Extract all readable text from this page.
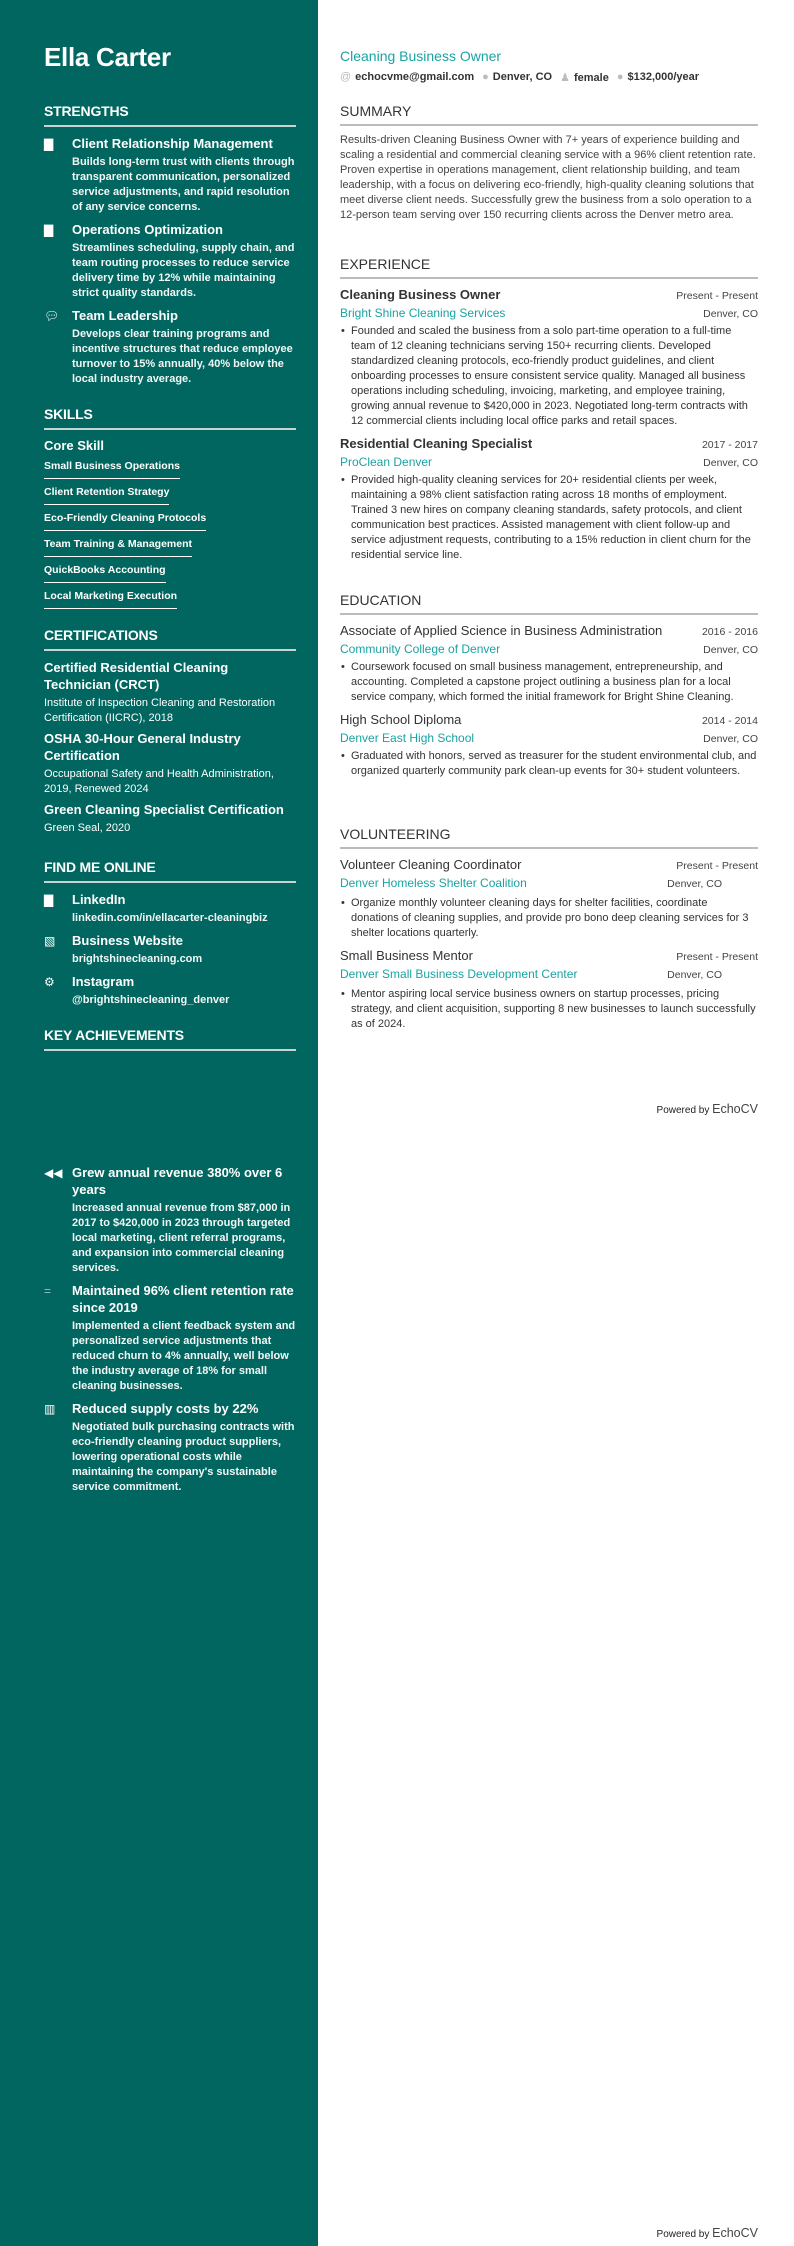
Ella Carter
STRENGTHS
▇	Client Relationship Management
Builds long-term trust with clients through transparent communication, personalized service adjustments, and rapid resolution of any service concerns.
▇	Operations Optimization
Streamlines scheduling, supply chain, and team routing processes to reduce service delivery time by 12% while maintaining strict quality standards.
💬︎ Team Leadership
Develops clear training programs and incentive structures that reduce employee turnover to 15% annually, 40% below the local industry average.
SKILLS
Core Skill
Small Business Operations
Client Retention Strategy
Eco-Friendly Cleaning Protocols
Team Training & Management
QuickBooks Accounting
Local Marketing Execution
CERTIFICATIONS
Certified Residential Cleaning Technician (CRCT)
Institute of Inspection Cleaning and Restoration Certification (IICRC), 2018
OSHA 30-Hour General Industry Certification
Occupational Safety and Health Administration, 2019, Renewed 2024
Green Cleaning Specialist Certification
Green Seal, 2020
FIND ME ONLINE
▇	LinkedIn
linkedin.com/in/ellacarter-cleaningbiz
▧	Business Website
brightshinecleaning.com
⚙	Instagram
@brightshinecleaning_denver
KEY ACHIEVEMENTS
◀◀ Grew annual revenue 380% over 6 years
Increased annual revenue from $87,000 in 2017 to $420,000 in 2023 through targeted local marketing, client referral programs, and expansion into commercial cleaning services.
=	Maintained 96% client retention rate since 2019
Implemented a client feedback system and personalized service adjustments that reduced churn to 4% annually, well below the industry average of 18% for small cleaning businesses.
▥	Reduced supply costs by 22%
Negotiated bulk purchasing contracts with eco-friendly cleaning product suppliers, lowering operational costs while maintaining the company's sustainable service commitment.
Cleaning Business Owner
@ echocvme@gmail.com ● Denver, CO ♟ female ● $132,000/year
SUMMARY
Results-driven Cleaning Business Owner with 7+ years of experience building and scaling a residential and commercial cleaning service with a 96% client retention rate. Proven expertise in operations management, client relationship building, and team leadership, with a focus on delivering eco-friendly, high-quality cleaning solutions that meet diverse client needs. Successfully grew the business from a solo operation to a 12-person team serving over 150 recurring clients across the Denver metro area.
EXPERIENCE
Cleaning Business Owner	Present - Present
Bright Shine Cleaning Services	Denver, CO
• Founded and scaled the business from a solo part-time operation to a full-time team of 12 cleaning technicians serving 150+ recurring clients. Developed standardized cleaning protocols, eco-friendly product guidelines, and client onboarding processes to ensure consistent service quality. Managed all business operations including scheduling, invoicing, marketing, and employee training, growing annual revenue to $420,000 in 2023. Negotiated long-term contracts with 12 commercial clients including local office parks and retail spaces.
Residential Cleaning Specialist	2017 - 2017
ProClean Denver	Denver, CO
• Provided high-quality cleaning services for 20+ residential clients per week, maintaining a 98% client satisfaction rating across 18 months of employment. Trained 3 new hires on company cleaning standards, safety protocols, and client communication best practices. Assisted management with client follow-up and service adjustment requests, contributing to a 15% reduction in client churn for the residential service line.
EDUCATION
Associate of Applied Science in Business Administration	2016 - 2016
Community College of Denver	Denver, CO
• Coursework focused on small business management, entrepreneurship, and accounting. Completed a capstone project outlining a business plan for a local service company, which formed the initial framework for Bright Shine Cleaning.
High School Diploma	2014 - 2014
Denver East High School	Denver, CO
• Graduated with honors, served as treasurer for the student environmental club, and organized quarterly community park clean-up events for 30+ student volunteers.
VOLUNTEERING
Volunteer Cleaning Coordinator	Present - Present
Denver Homeless Shelter Coalition	Denver, CO
• Organize monthly volunteer cleaning days for shelter facilities, coordinate donations of cleaning supplies, and provide pro bono deep cleaning services for 3 shelter locations quarterly.
Small Business Mentor	Present - Present
Denver Small Business Development Center	Denver, CO
• Mentor aspiring local service business owners on startup processes, pricing strategy, and client acquisition, supporting 8 new businesses to launch successfully as of 2024.
Powered by EchoCV
Powered by EchoCV
